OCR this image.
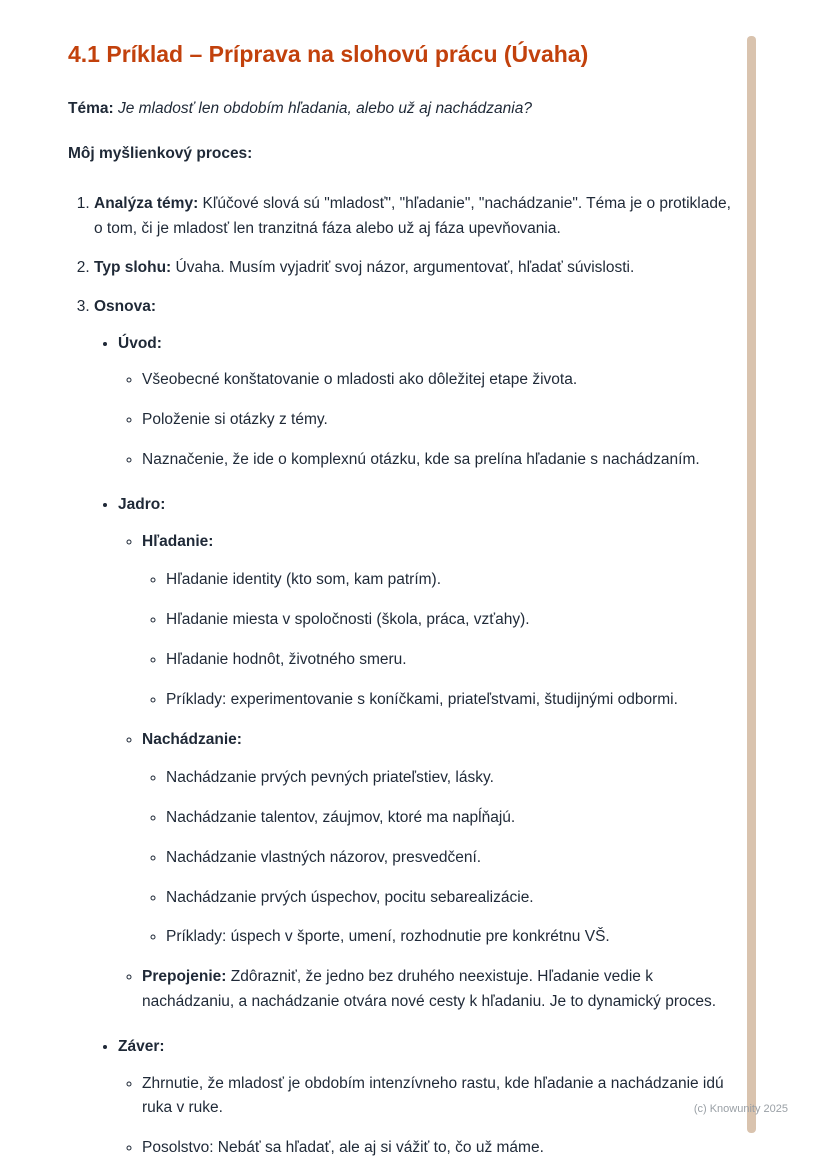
4.1 Príklad – Príprava na slohovú prácu (Úvaha)

Téma: Je mladosť len obdobím hľadania, alebo už aj nachádzania?

Môj myšlienkový proces:

1. Analýza témy: Kľúčové slová sú "mladosť", "hľadanie", "nachádzanie". Téma je o protiklade, o tom, či je mladosť len tranzitná fáza alebo už aj fáza upevňovania.
2. Typ slohu: Úvaha. Musím vyjadriť svoj názor, argumentovať, hľadať súvislosti.
3. Osnova:
• Úvod:
◦ Všeobecné konštatovanie o mladosti ako dôležitej etape života.
◦ Položenie si otázky z témy.
◦ Naznačenie, že ide o komplexnú otázku, kde sa prelína hľadanie s nachádzaním.
• Jadro:
◦ Hľadanie:
◦ Hľadanie identity (kto som, kam patrím).
◦ Hľadanie miesta v spoločnosti (škola, práca, vzťahy).
◦ Hľadanie hodnôt, životného smeru.
◦ Príklady: experimentovanie s koníčkami, priateľstvami, študijnými odbormi.
◦ Nachádzanie:
◦ Nachádzanie prvých pevných priateľstiev, lásky.
◦ Nachádzanie talentov, záujmov, ktoré ma napĺňajú.
◦ Nachádzanie vlastných názorov, presvedčení.
◦ Nachádzanie prvých úspechov, pocitu sebarealizácie.
◦ Príklady: úspech v športe, umení, rozhodnutie pre konkrétnu VŠ.
◦ Prepojenie: Zdôrazniť, že jedno bez druhého neexistuje. Hľadanie vedie k nachádzaniu, a nachádzanie otvára nové cesty k hľadaniu. Je to dynamický proces.
• Záver:
◦ Zhrnutie, že mladosť je obdobím intenzívneho rastu, kde hľadanie a nachádzanie idú ruka v ruke.
◦ Posolstvo: Nebáť sa hľadať, ale aj si vážiť to, čo už máme.
(c) Knowunity 2025
